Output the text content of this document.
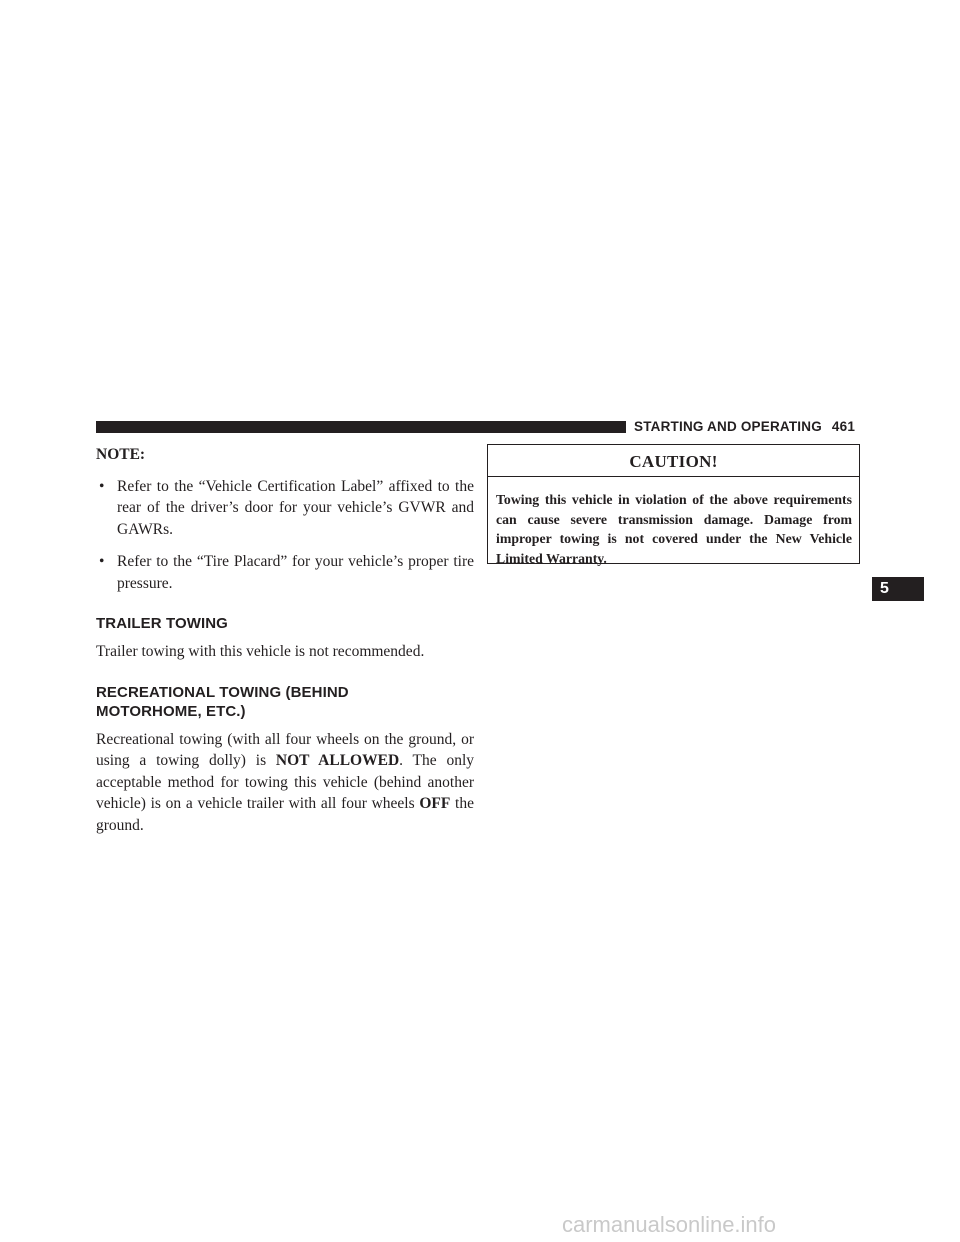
STARTING AND OPERATING 461
NOTE:
• Refer to the “Vehicle Certification Label” affixed to the rear of the driver’s door for your vehicle’s GVWR and GAWRs.
• Refer to the “Tire Placard” for your vehicle’s proper tire pressure.
TRAILER TOWING

Trailer towing with this vehicle is not recommended.

RECREATIONAL TOWING (BEHIND
MOTORHOME, ETC.)

Recreational towing (with all four wheels on the ground, or using a towing dolly) is NOT ALLOWED. The only acceptable method for towing this vehicle (behind another vehicle) is on a vehicle trailer with all four wheels OFF the ground.

CAUTION!
Towing this vehicle in violation of the above requirements can cause severe transmission damage. Damage from improper towing is not covered under the New Vehicle Limited Warranty.
5
carmanualsonline.info
